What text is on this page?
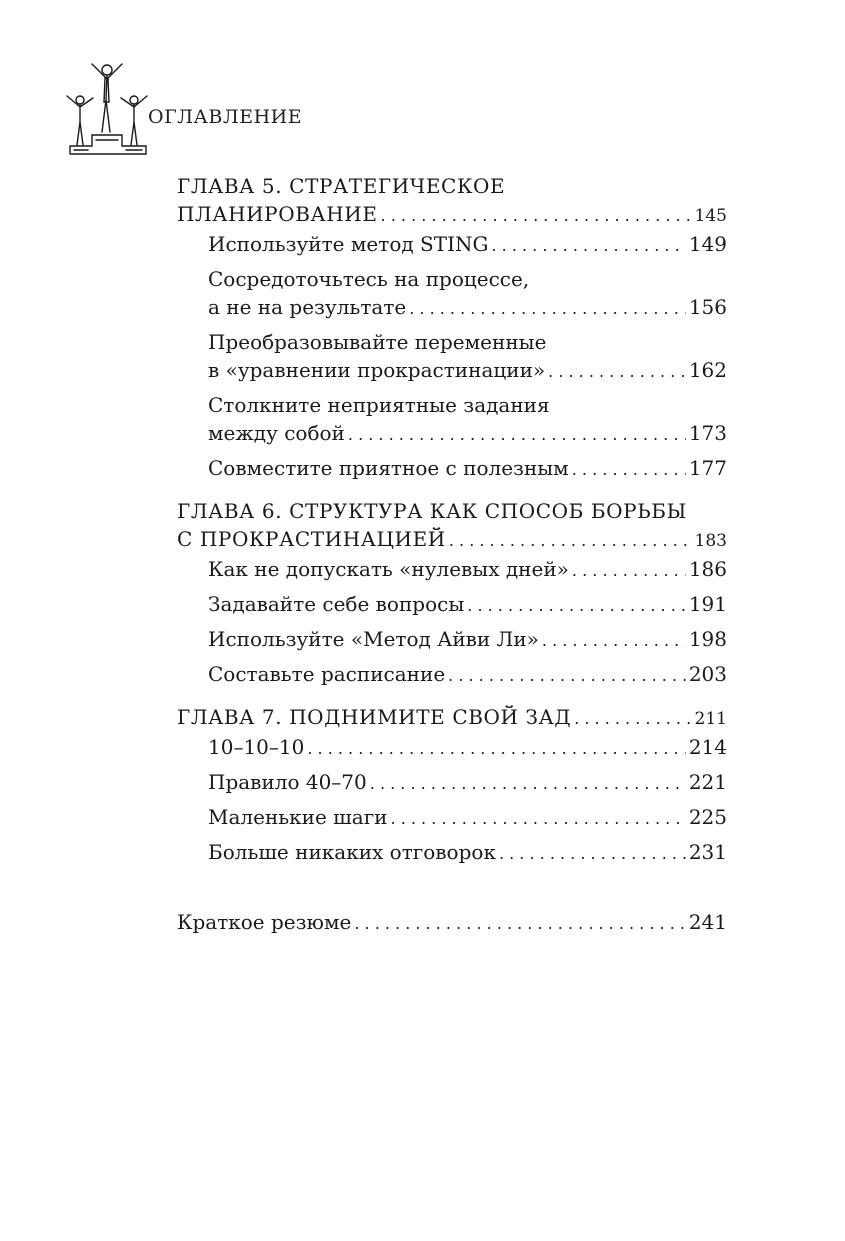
ОГЛАВЛЕНИЕ
ГЛАВА 5. СТРАТЕГИЧЕСКОЕ
ПЛАНИРОВАНИЕ . . .	145
Используйте метод STING . . .	149
Сосредоточьтесь на процессе,
а не на результате . . .	156
Преобразовывайте переменные
в «уравнении прокрастинации» . . .	162
Столкните неприятные задания
между собой . . .	173
Совместите приятное с полезным . . .	177
ГЛАВА 6. СТРУКТУРА КАК СПОСОБ БОРЬБЫ
С ПРОКРАСТИНАЦИЕЙ . . .	183
Как не допускать «нулевых дней» . . .	186
Задавайте себе вопросы . . .	191
Используйте «Метод Айви Ли» . . .	198
Составьте расписание . . .	203
ГЛАВА 7. ПОДНИМИТЕ СВОЙ ЗАД . . .	211
10–10–10 . . .	214
Правило 40–70 . . .	221
Маленькие шаги . . .	225
Больше никаких отговорок . . .	231
Краткое резюме . . .	241
